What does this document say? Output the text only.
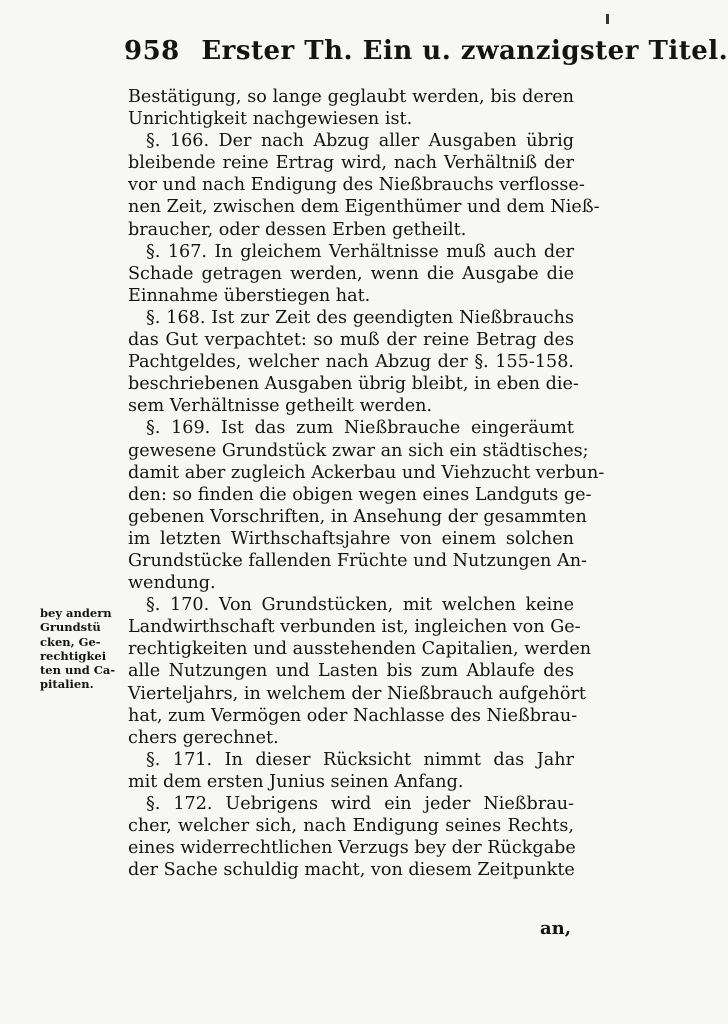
958 Erster Th. Ein u. zwanzigster Titel.
Bestätigung, so lange geglaubt werden, bis deren
Unrichtigkeit nachgewiesen ist.
§. 166. Der nach Abzug aller Ausgaben übrig
bleibende reine Ertrag wird, nach Verhältniß der
vor und nach Endigung des Nießbrauchs verflosse-
nen Zeit, zwischen dem Eigenthümer und dem Nieß-
braucher, oder dessen Erben getheilt.
§. 167. In gleichem Verhältnisse muß auch der
Schade getragen werden, wenn die Ausgabe die
Einnahme überstiegen hat.
§. 168. Ist zur Zeit des geendigten Nießbrauchs
das Gut verpachtet: so muß der reine Betrag des
Pachtgeldes, welcher nach Abzug der §. 155-158.
beschriebenen Ausgaben übrig bleibt, in eben die-
sem Verhältnisse getheilt werden.
§. 169. Ist das zum Nießbrauche eingeräumt
gewesene Grundstück zwar an sich ein städtisches;
damit aber zugleich Ackerbau und Viehzucht verbun-
den: so finden die obigen wegen eines Landguts ge-
gebenen Vorschriften, in Ansehung der gesammten
im letzten Wirthschaftsjahre von einem solchen
Grundstücke fallenden Früchte und Nutzungen An-
wendung.
§. 170. Von Grundstücken, mit welchen keine
Landwirthschaft verbunden ist, ingleichen von Ge-
rechtigkeiten und ausstehenden Capitalien, werden
alle Nutzungen und Lasten bis zum Ablaufe des
Vierteljahrs, in welchem der Nießbrauch aufgehört
hat, zum Vermögen oder Nachlasse des Nießbrau-
chers gerechnet.
§. 171. In dieser Rücksicht nimmt das Jahr
mit dem ersten Junius seinen Anfang.
§. 172. Uebrigens wird ein jeder Nießbrau-
cher, welcher sich, nach Endigung seines Rechts,
eines widerrechtlichen Verzugs bey der Rückgabe
der Sache schuldig macht, von diesem Zeitpunkte
bey andern
Grundstü
cken, Ge-
rechtigkei
ten und Ca-
pitalien.
an,
